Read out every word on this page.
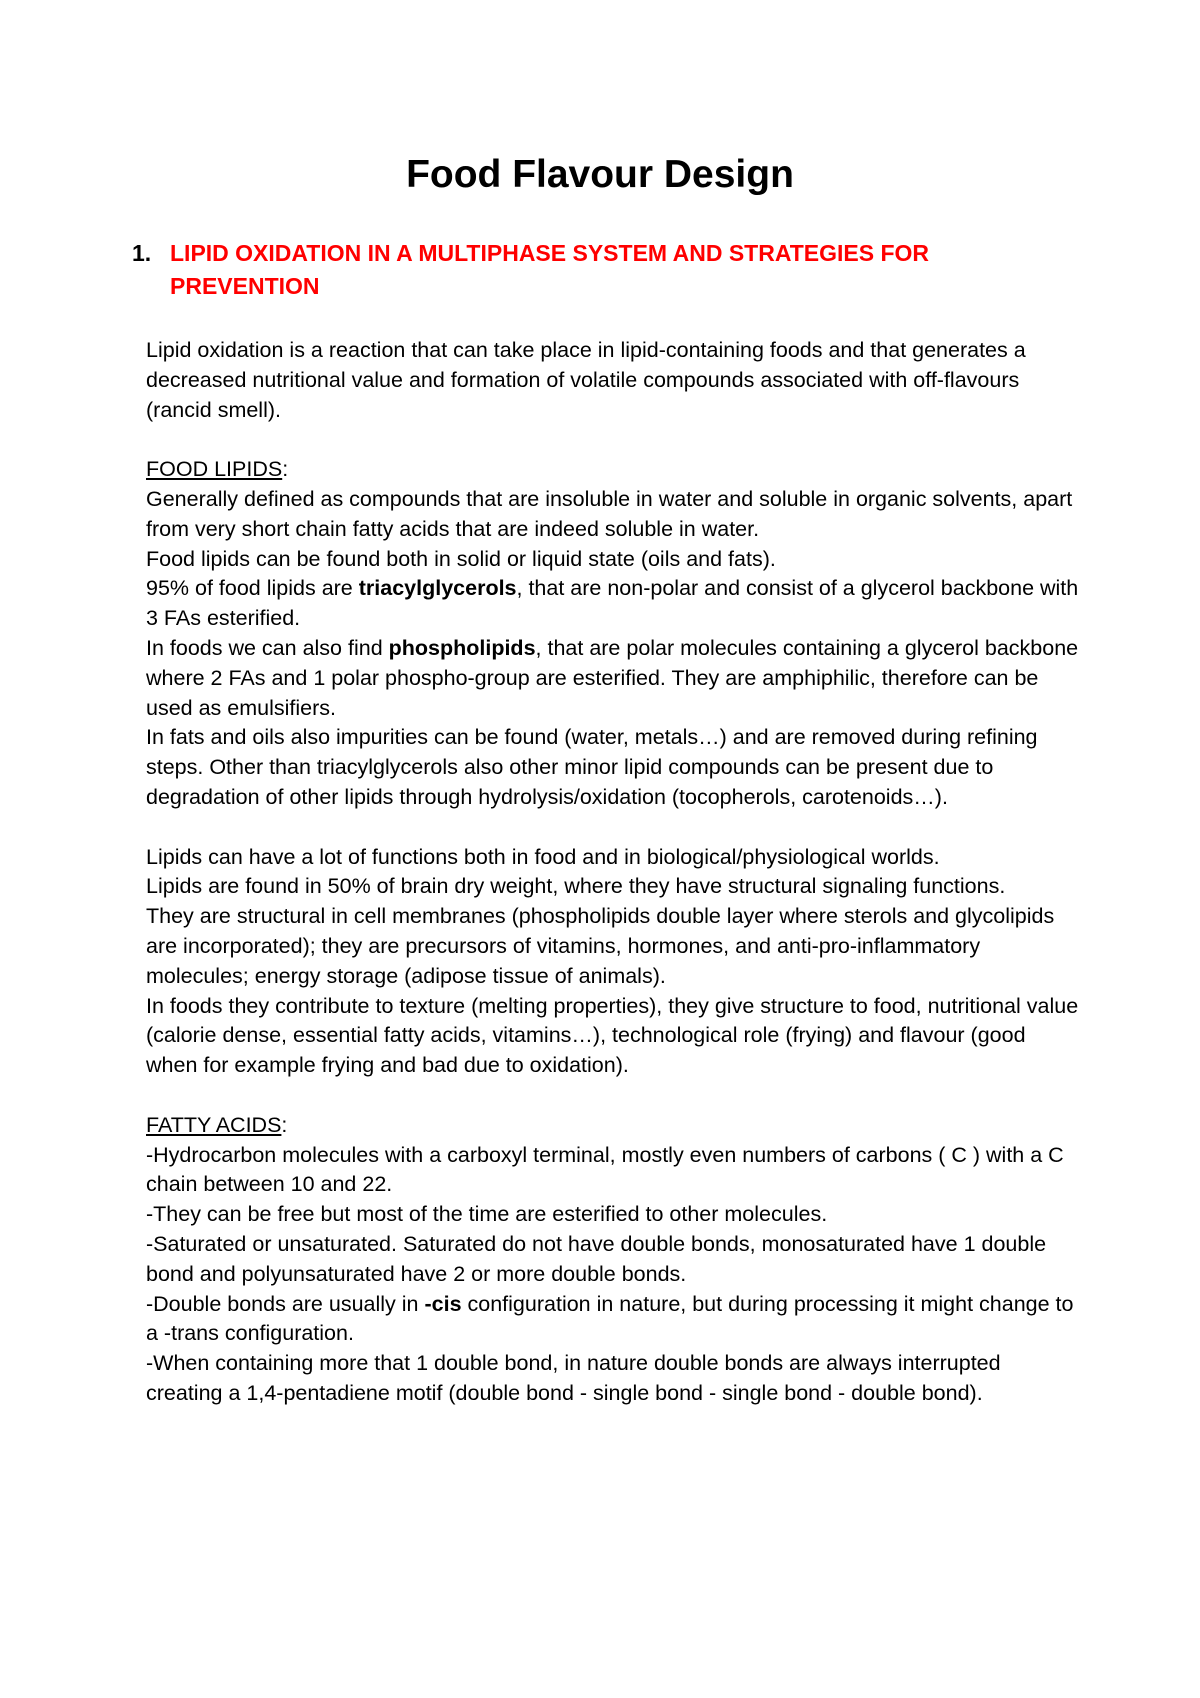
Food Flavour Design
1. LIPID OXIDATION IN A MULTIPHASE SYSTEM AND STRATEGIES FOR PREVENTION
Lipid oxidation is a reaction that can take place in lipid-containing foods and that generates a decreased nutritional value and formation of volatile compounds associated with off-flavours (rancid smell).
FOOD LIPIDS:
Generally defined as compounds that are insoluble in water and soluble in organic solvents, apart from very short chain fatty acids that are indeed soluble in water.
Food lipids can be found both in solid or liquid state (oils and fats).
95% of food lipids are triacylglycerols, that are non-polar and consist of a glycerol backbone with 3 FAs esterified.
In foods we can also find phospholipids, that are polar molecules containing a glycerol backbone where 2 FAs and 1 polar phospho-group are esterified. They are amphiphilic, therefore can be used as emulsifiers.
In fats and oils also impurities can be found (water, metals…) and are removed during refining steps. Other than triacylglycerols also other minor lipid compounds can be present due to degradation of other lipids through hydrolysis/oxidation (tocopherols, carotenoids…).
Lipids can have a lot of functions both in food and in biological/physiological worlds.
Lipids are found in 50% of brain dry weight, where they have structural signaling functions.
They are structural in cell membranes (phospholipids double layer where sterols and glycolipids are incorporated); they are precursors of vitamins, hormones, and anti-pro-inflammatory molecules; energy storage (adipose tissue of animals).
In foods they contribute to texture (melting properties), they give structure to food, nutritional value (calorie dense, essential fatty acids, vitamins…), technological role (frying) and flavour (good when for example frying and bad due to oxidation).
FATTY ACIDS:
-Hydrocarbon molecules with a carboxyl terminal, mostly even numbers of carbons ( C ) with a C chain between 10 and 22.
-They can be free but most of the time are esterified to other molecules.
-Saturated or unsaturated. Saturated do not have double bonds, monosaturated have 1 double bond and polyunsaturated have 2 or more double bonds.
-Double bonds are usually in -cis configuration in nature, but during processing it might change to a -trans configuration.
-When containing more that 1 double bond, in nature double bonds are always interrupted creating a 1,4-pentadiene motif (double bond - single bond - single bond - double bond).
